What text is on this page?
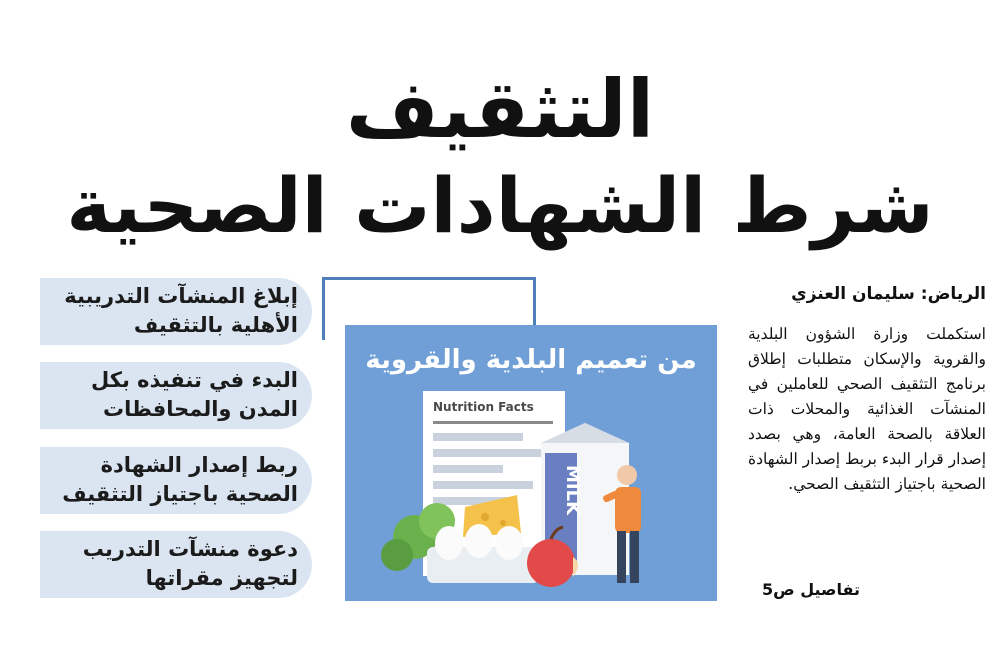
التثقيف
شرط الشهادات الصحية
الرياض: سليمان العنزي
استكملت وزارة الشؤون البلدية والقروية والإسكان متطلبات إطلاق برنامج التثقيف الصحي للعاملين في المنشآت الغذائية والمحلات ذات العلاقة بالصحة العامة، وهي بصدد إصدار قرار البدء بربط إصدار الشهادة الصحية باجتياز التثقيف الصحي.
تفاصيل ص5
Nutrition Facts
MILK
من تعميم البلدية والقروية
إبلاغ المنشآت التدريبية
الأهلية بالتثقيف
البدء في تنفيذه بكل
المدن والمحافظات
ربط إصدار الشهادة
الصحية باجتياز التثقيف
دعوة منشآت التدريب
لتجهيز مقراتها
